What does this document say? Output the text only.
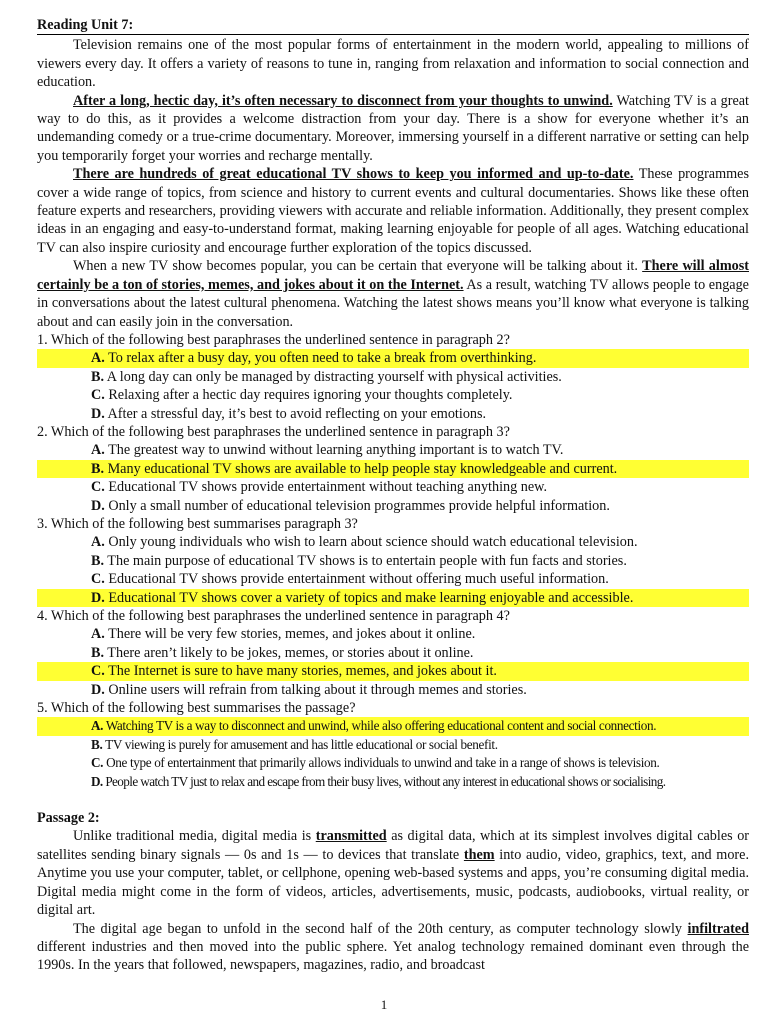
Reading Unit 7:

Television remains one of the most popular forms of entertainment in the modern world, appealing to millions of viewers every day. It offers a variety of reasons to tune in, ranging from relaxation and information to social connection and education.

After a long, hectic day, it’s often necessary to disconnect from your thoughts to unwind. Watching TV is a great way to do this, as it provides a welcome distraction from your day. There is a show for everyone whether it’s an undemanding comedy or a true-crime documentary. Moreover, immersing yourself in a different narrative or setting can help you temporarily forget your worries and recharge mentally.

There are hundreds of great educational TV shows to keep you informed and up-to-date. These programmes cover a wide range of topics, from science and history to current events and cultural documentaries. Shows like these often feature experts and researchers, providing viewers with accurate and reliable information. Additionally, they present complex ideas in an engaging and easy-to-understand format, making learning enjoyable for people of all ages. Watching educational TV can also inspire curiosity and encourage further exploration of the topics discussed.

When a new TV show becomes popular, you can be certain that everyone will be talking about it. There will almost certainly be a ton of stories, memes, and jokes about it on the Internet. As a result, watching TV allows people to engage in conversations about the latest cultural phenomena. Watching the latest shows means you’ll know what everyone is talking about and can easily join in the conversation.

1. Which of the following best paraphrases the underlined sentence in paragraph 2?
A. To relax after a busy day, you often need to take a break from overthinking.
B. A long day can only be managed by distracting yourself with physical activities.
C. Relaxing after a hectic day requires ignoring your thoughts completely.
D. After a stressful day, it’s best to avoid reflecting on your emotions.
2. Which of the following best paraphrases the underlined sentence in paragraph 3?
A. The greatest way to unwind without learning anything important is to watch TV.
B. Many educational TV shows are available to help people stay knowledgeable and current.
C. Educational TV shows provide entertainment without teaching anything new.
D. Only a small number of educational television programmes provide helpful information.
3. Which of the following best summarises paragraph 3?
A. Only young individuals who wish to learn about science should watch educational television.
B. The main purpose of educational TV shows is to entertain people with fun facts and stories.
C. Educational TV shows provide entertainment without offering much useful information.
D. Educational TV shows cover a variety of topics and make learning enjoyable and accessible.
4. Which of the following best paraphrases the underlined sentence in paragraph 4?
A. There will be very few stories, memes, and jokes about it online.
B. There aren’t likely to be jokes, memes, or stories about it online.
C. The Internet is sure to have many stories, memes, and jokes about it.
D. Online users will refrain from talking about it through memes and stories.
5. Which of the following best summarises the passage?
A. Watching TV is a way to disconnect and unwind, while also offering educational content and social connection.
B. TV viewing is purely for amusement and has little educational or social benefit.
C. One type of entertainment that primarily allows individuals to unwind and take in a range of shows is television.
D. People watch TV just to relax and escape from their busy lives, without any interest in educational shows or socialising.
Passage 2:

Unlike traditional media, digital media is transmitted as digital data, which at its simplest involves digital cables or satellites sending binary signals — 0s and 1s — to devices that translate them into audio, video, graphics, text, and more. Anytime you use your computer, tablet, or cellphone, opening web-based systems and apps, you’re consuming digital media. Digital media might come in the form of videos, articles, advertisements, music, podcasts, audiobooks, virtual reality, or digital art.

The digital age began to unfold in the second half of the 20th century, as computer technology slowly infiltrated different industries and then moved into the public sphere. Yet analog technology remained dominant even through the 1990s. In the years that followed, newspapers, magazines, radio, and broadcast

1
